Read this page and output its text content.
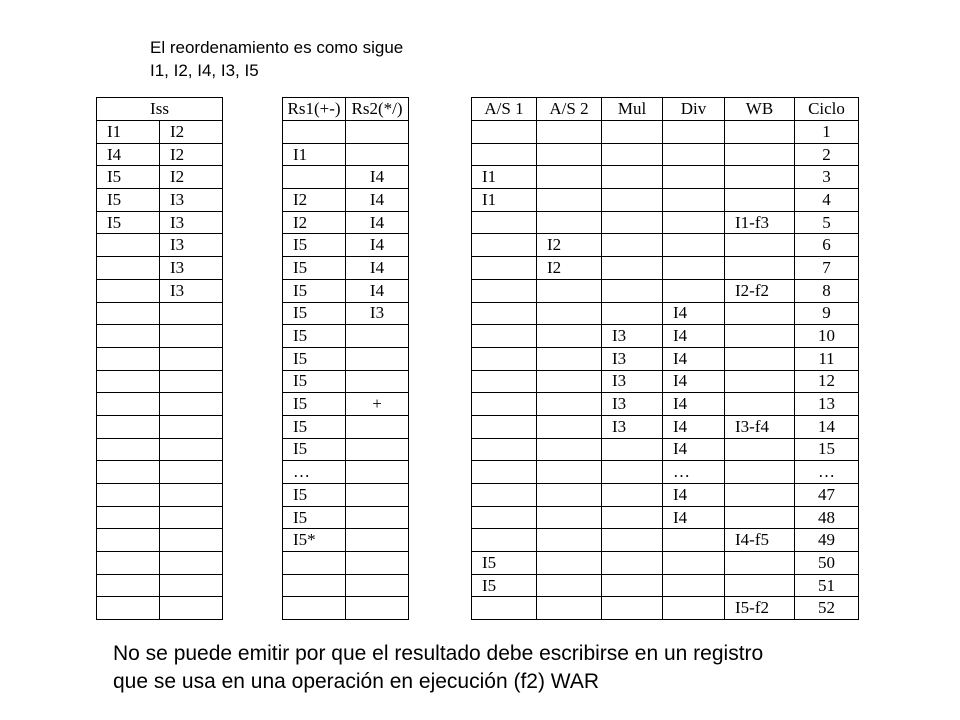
El reordenamiento es como sigue
I1, I2, I4, I3, I5
Iss	
I1	I2
I4	I2
I5	I2
I5	I3
I5	I3
	I3
	I3
	I3

Rs1(+-)	Rs2(*/)

I1	
	I4
I2	I4
I2	I4
I5	I4
I5	I4
I5	I4
I5	I3
I5	
I5	
I5	
I5	+
I5	
I5	
…	
I5	
I5	
I5*	

A/S 1	A/S 2	Mul	Div	WB	Ciclo
					1
					2
I1					3
I1					4
				I1-f3	5
	I2				6
	I2				7
				I2-f2	8
			I4		9
		I3	I4		10
		I3	I4		11
		I3	I4		12
		I3	I4		13
		I3	I4	I3-f4	14
			I4		15
			…		…
			I4		47
			I4		48
				I4-f5	49
I5					50
I5					51
				I5-f2	52
No se puede emitir por que el resultado debe escribirse en un registro
que se usa en una operación en ejecución (f2) WAR
